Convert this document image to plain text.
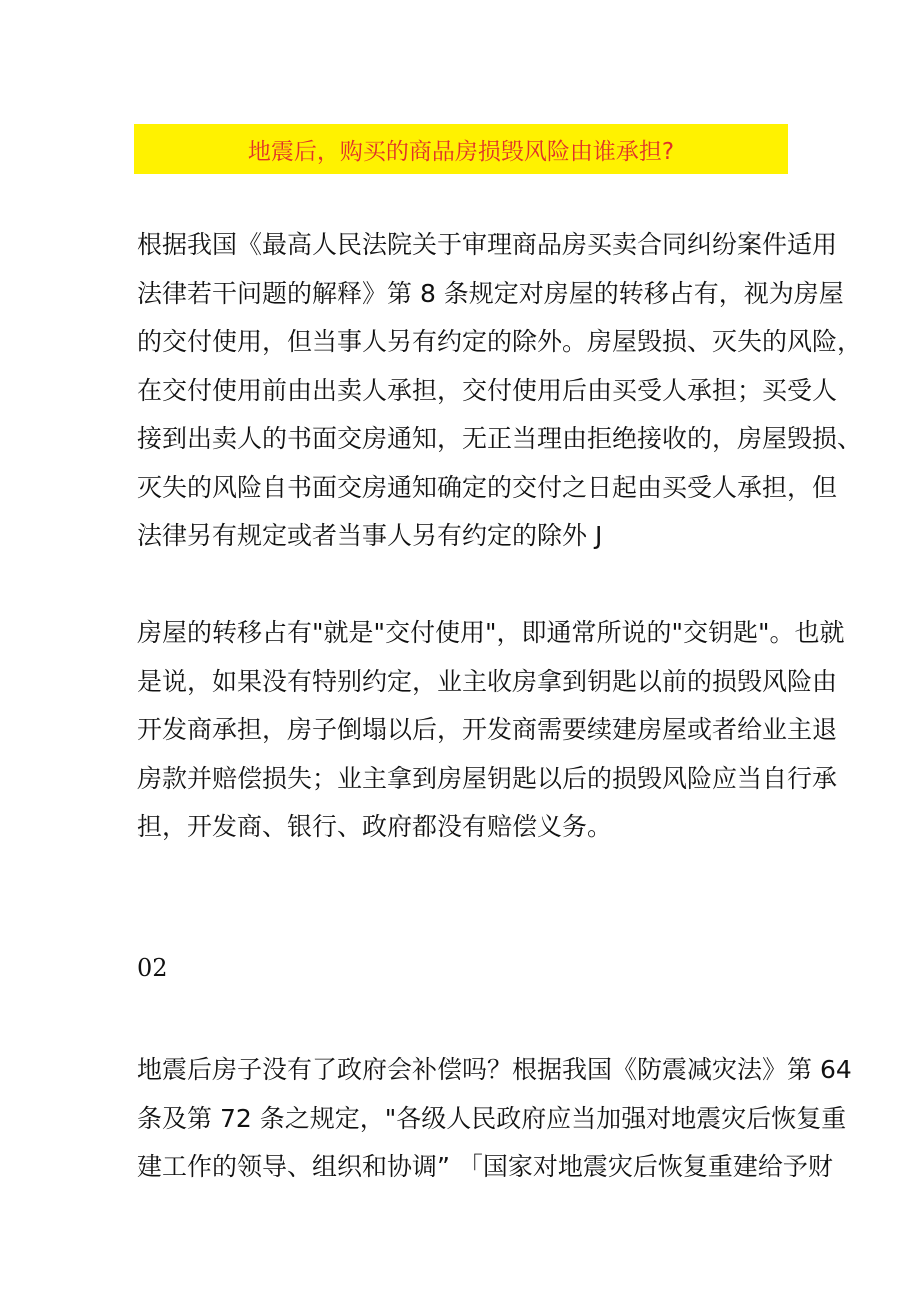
地震后，购买的商品房损毁风险由谁承担?
根据我国《最高人民法院关于审理商品房买卖合同纠纷案件适用
法律若干问题的解释》第 8 条规定对房屋的转移占有，视为房屋
的交付使用，但当事人另有约定的除外。房屋毁损、灭失的风险，
在交付使用前由出卖人承担，交付使用后由买受人承担；买受人
接到出卖人的书面交房通知，无正当理由拒绝接收的，房屋毁损、
灭失的风险自书面交房通知确定的交付之日起由买受人承担，但
法律另有规定或者当事人另有约定的除外 J
房屋的转移占有"就是"交付使用"，即通常所说的"交钥匙"。也就
是说，如果没有特别约定，业主收房拿到钥匙以前的损毁风险由
开发商承担，房子倒塌以后，开发商需要续建房屋或者给业主退
房款并赔偿损失；业主拿到房屋钥匙以后的损毁风险应当自行承
担，开发商、银行、政府都没有赔偿义务。
02
地震后房子没有了政府会补偿吗？根据我国《防震减灾法》第 64
条及第 72 条之规定，"各级人民政府应当加强对地震灾后恢复重
建工作的领导、组织和协调” 「国家对地震灾后恢复重建给予财
